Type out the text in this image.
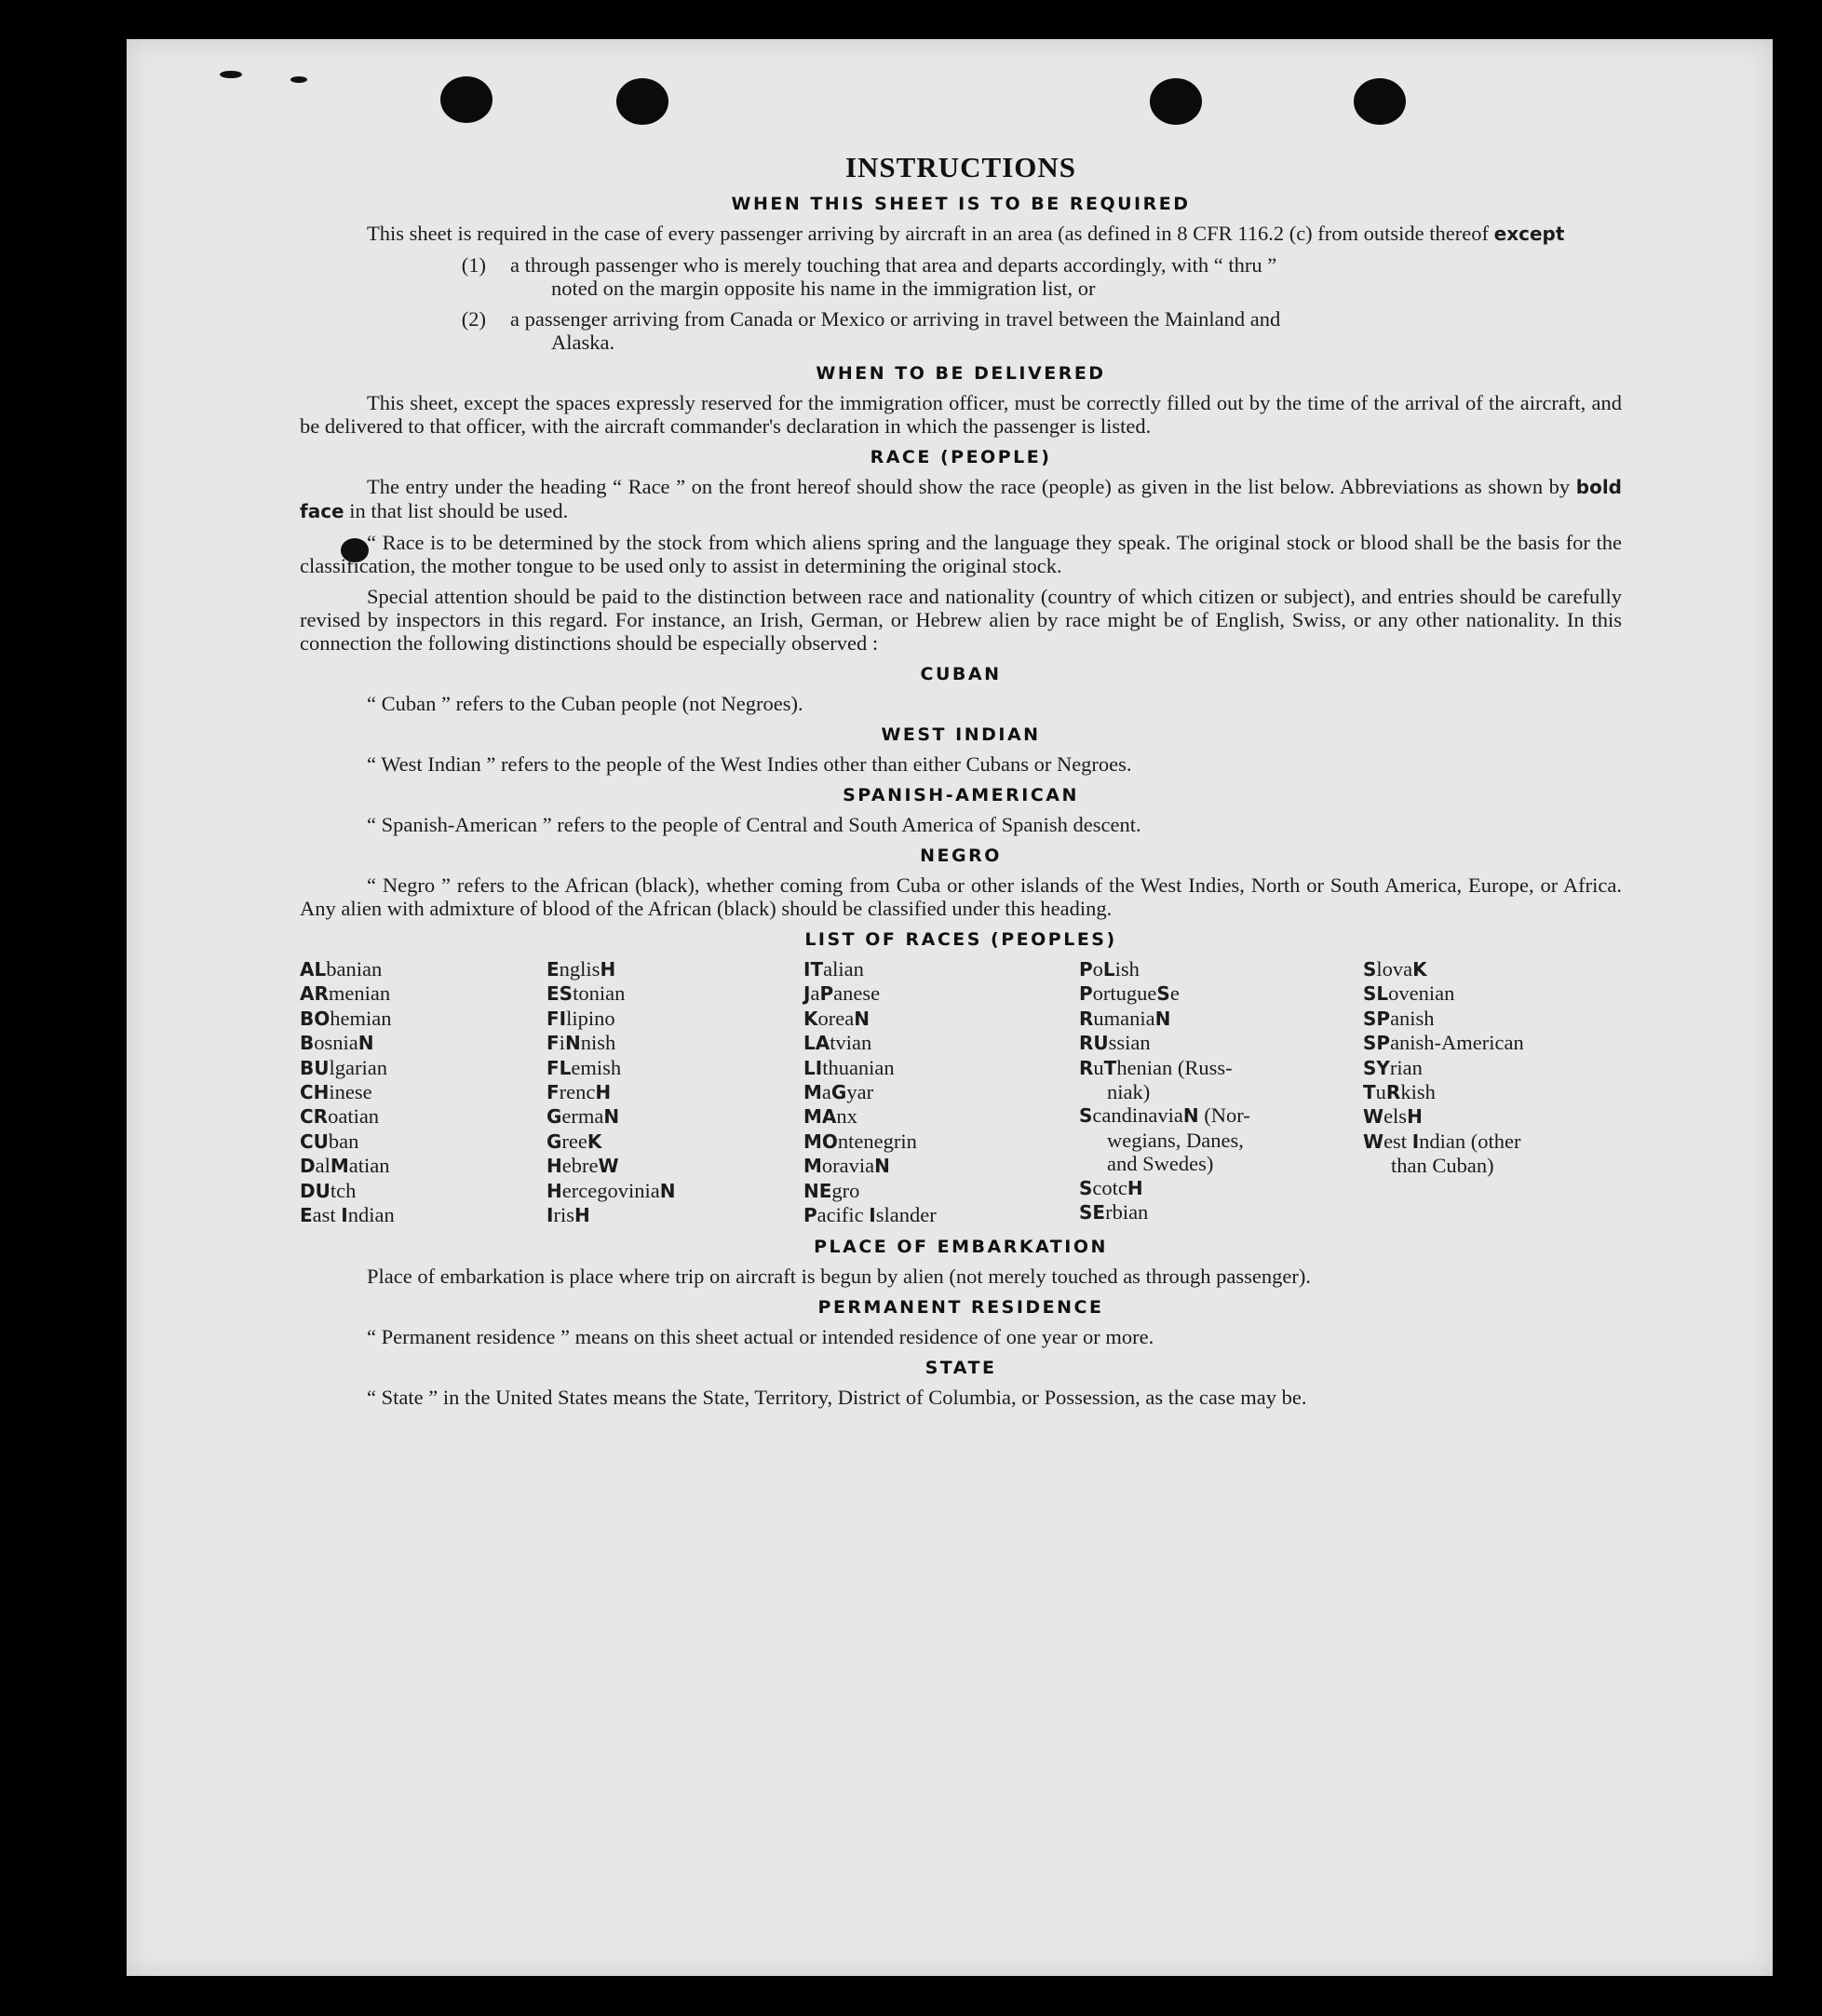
INSTRUCTIONS
WHEN THIS SHEET IS TO BE REQUIRED

This sheet is required in the case of every passenger arriving by aircraft in an area (as defined in 8 CFR 116.2 (c) from outside thereof except

(1)	a through passenger who is merely touching that area and departs accordingly, with “ thru ”
noted on the margin opposite his name in the immigration list, or
(2)	a passenger arriving from Canada or Mexico or arriving in travel between the Mainland and
Alaska.
WHEN TO BE DELIVERED

This sheet, except the spaces expressly reserved for the immigration officer, must be correctly filled out by the time of the arrival of the aircraft, and be delivered to that officer, with the aircraft commander's declaration in which the passenger is listed.

RACE (PEOPLE)

The entry under the heading “ Race ” on the front hereof should show the race (people) as given in the list below. Abbreviations as shown by bold face in that list should be used.

“ Race is to be determined by the stock from which aliens spring and the language they speak. The original stock or blood shall be the basis for the classification, the mother tongue to be used only to assist in determining the original stock.

Special attention should be paid to the distinction between race and nationality (country of which citizen or subject), and entries should be carefully revised by inspectors in this regard. For instance, an Irish, German, or Hebrew alien by race might be of English, Swiss, or any other nationality. In this connection the following distinctions should be especially observed :

CUBAN

“ Cuban ” refers to the Cuban people (not Negroes).

WEST INDIAN

“ West Indian ” refers to the people of the West Indies other than either Cubans or Negroes.

SPANISH-AMERICAN

“ Spanish-American ” refers to the people of Central and South America of Spanish descent.

NEGRO

“ Negro ” refers to the African (black), whether coming from Cuba or other islands of the West Indies, North or South America, Europe, or Africa. Any alien with admixture of blood of the African (black) should be classified under this heading.

LIST OF RACES (PEOPLES)
ALbanian
ARmenian
BOhemian
BosniaN
BUlgarian
CHinese
CRoatian
CUban
DalMatian
DUtch
East Indian
EnglisH
EStonian
FIlipino
FiNnish
FLemish
FrencH
GermaN
GreeK
HebreW
HercegoviniaN
IrisH
ITalian
JaPanese
KoreaN
LAtvian
LIthuanian
MaGyar
MAnx
MOntenegrin
MoraviaN
NEgro
Pacific Islander
PoLish
PortugueSe
RumaniaN
RUssian
RuThenian (Russ-
niak)
ScandinaviaN (Nor-
wegians, Danes,
and Swedes)
ScotcH
SErbian
SlovaK
SLovenian
SPanish
SPanish-American
SYrian
TuRkish
WelsH
West Indian (other
than Cuban)
PLACE OF EMBARKATION

Place of embarkation is place where trip on aircraft is begun by alien (not merely touched as through passenger).

PERMANENT RESIDENCE

“ Permanent residence ” means on this sheet actual or intended residence of one year or more.

STATE

“ State ” in the United States means the State, Territory, District of Columbia, or Possession, as the case may be.
